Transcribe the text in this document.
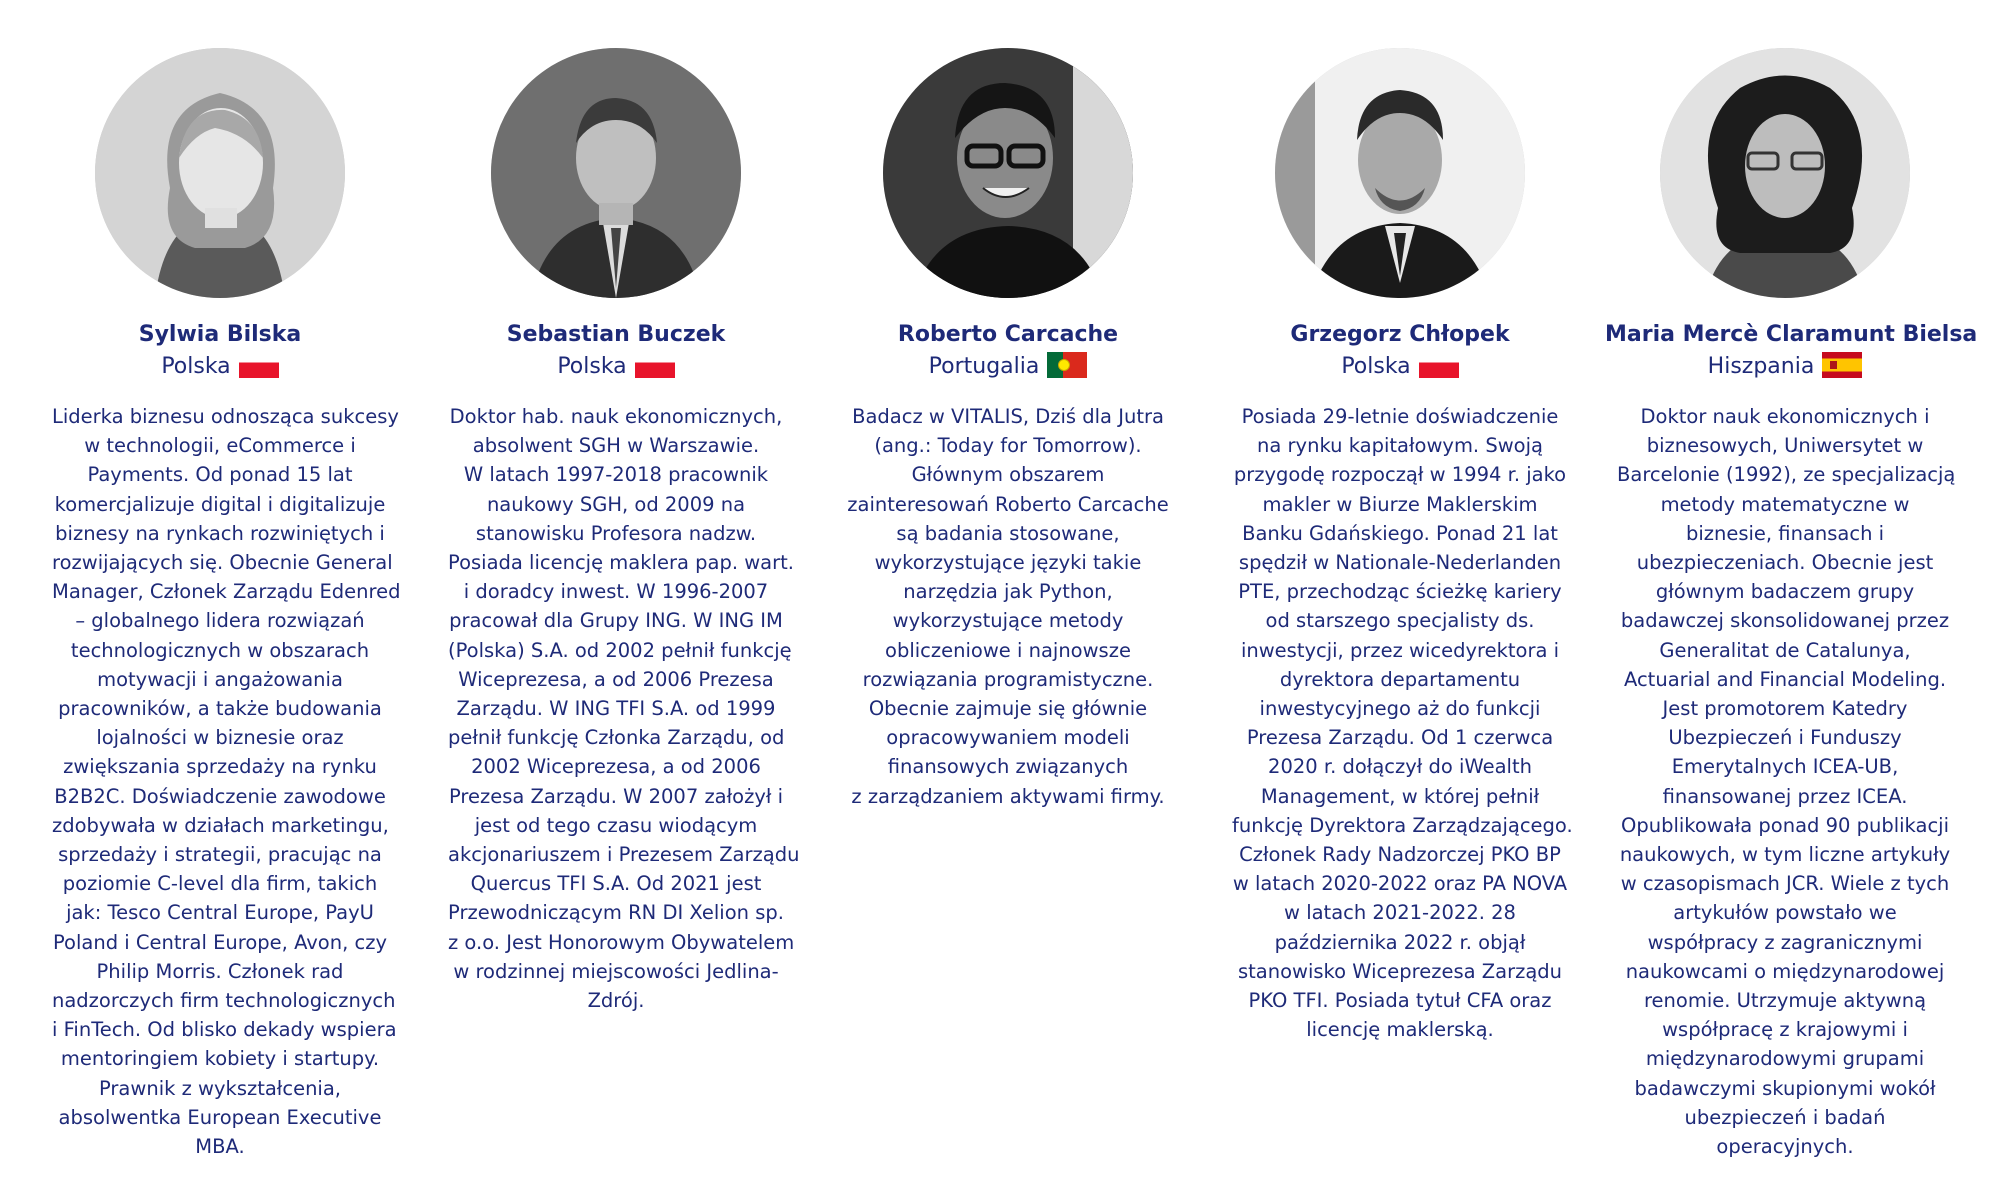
Sylwia Bilska
Polska
Liderka biznesu odnosząca sukcesy
w technologii, eCommerce i
Payments. Od ponad 15 lat
komercjalizuje digital i digitalizuje
biznesy na rynkach rozwiniętych i
rozwijających się. Obecnie General
Manager, Członek Zarządu Edenred
– globalnego lidera rozwiązań
technologicznych w obszarach
motywacji i angażowania
pracowników, a także budowania
lojalności w biznesie oraz
zwiększania sprzedaży na rynku
B2B2C. Doświadczenie zawodowe
zdobywała w działach marketingu,
sprzedaży i strategii, pracując na
poziomie C-level dla firm, takich
jak: Tesco Central Europe, PayU
Poland i Central Europe, Avon, czy
Philip Morris. Członek rad
nadzorczych firm technologicznych
i FinTech. Od blisko dekady wspiera
mentoringiem kobiety i startupy.
Prawnik z wykształcenia,
absolwentka European Executive
MBA.
Sebastian Buczek
Polska
Doktor hab. nauk ekonomicznych,
absolwent SGH w Warszawie.
W latach 1997-2018 pracownik
naukowy SGH, od 2009 na
stanowisku Profesora nadzw.
Posiada licencję maklera pap. wart.
i doradcy inwest. W 1996-2007
pracował dla Grupy ING. W ING IM
(Polska) S.A. od 2002 pełnił funkcję
Wiceprezesa, a od 2006 Prezesa
Zarządu. W ING TFI S.A. od 1999
pełnił funkcję Członka Zarządu, od
2002 Wiceprezesa, a od 2006
Prezesa Zarządu. W 2007 założył i
jest od tego czasu wiodącym
akcjonariuszem i Prezesem Zarządu
Quercus TFI S.A. Od 2021 jest
Przewodniczącym RN DI Xelion sp.
z o.o. Jest Honorowym Obywatelem
w rodzinnej miejscowości Jedlina-
Zdrój.
Roberto Carcache
Portugalia
Badacz w VITALIS, Dziś dla Jutra
(ang.: Today for Tomorrow).
Głównym obszarem
zainteresowań Roberto Carcache
są badania stosowane,
wykorzystujące języki takie
narzędzia jak Python,
wykorzystujące metody
obliczeniowe i najnowsze
rozwiązania programistyczne.
Obecnie zajmuje się głównie
opracowywaniem modeli
finansowych związanych
z zarządzaniem aktywami firmy.
Grzegorz Chłopek
Polska
Posiada 29-letnie doświadczenie
na rynku kapitałowym. Swoją
przygodę rozpoczął w 1994 r. jako
makler w Biurze Maklerskim
Banku Gdańskiego. Ponad 21 lat
spędził w Nationale-Nederlanden
PTE, przechodząc ścieżkę kariery
od starszego specjalisty ds.
inwestycji, przez wicedyrektora i
dyrektora departamentu
inwestycyjnego aż do funkcji
Prezesa Zarządu. Od 1 czerwca
2020 r. dołączył do iWealth
Management, w której pełnił
funkcję Dyrektora Zarządzającego.
Członek Rady Nadzorczej PKO BP
w latach 2020-2022 oraz PA NOVA
w latach 2021-2022. 28
października 2022 r. objął
stanowisko Wiceprezesa Zarządu
PKO TFI. Posiada tytuł CFA oraz
licencję maklerską.
Maria Mercè Claramunt Bielsa
Hiszpania
Doktor nauk ekonomicznych i
biznesowych, Uniwersytet w
Barcelonie (1992), ze specjalizacją
metody matematyczne w
biznesie, finansach i
ubezpieczeniach. Obecnie jest
głównym badaczem grupy
badawczej skonsolidowanej przez
Generalitat de Catalunya,
Actuarial and Financial Modeling.
Jest promotorem Katedry
Ubezpieczeń i Funduszy
Emerytalnych ICEA-UB,
finansowanej przez ICEA.
Opublikowała ponad 90 publikacji
naukowych, w tym liczne artykuły
w czasopismach JCR. Wiele z tych
artykułów powstało we
współpracy z zagranicznymi
naukowcami o międzynarodowej
renomie. Utrzymuje aktywną
współpracę z krajowymi i
międzynarodowymi grupami
badawczymi skupionymi wokół
ubezpieczeń i badań
operacyjnych.
